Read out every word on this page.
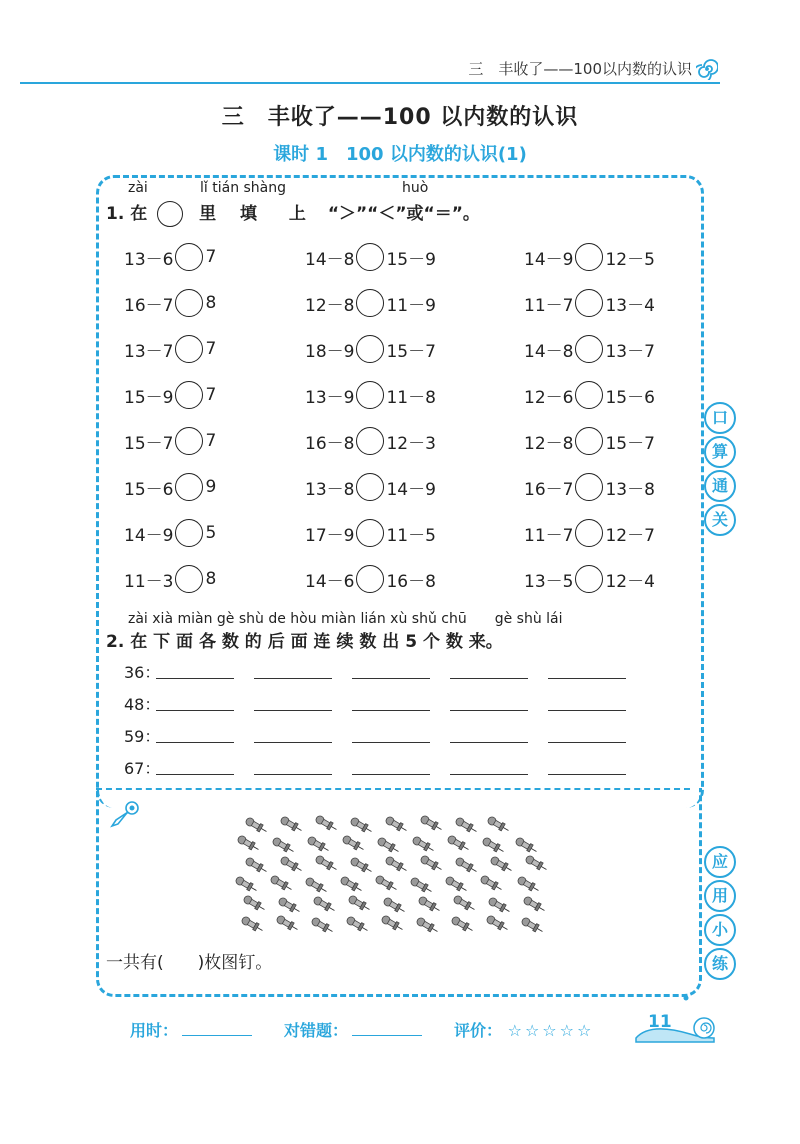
三　丰收了——100以内数的认识
三　丰收了——100 以内数的认识
课时 1　100 以内数的认识(1)
zài	lǐ tián shàng	huò
1. 在	里 填 上 “＞”“＜”或“＝”。
13－6 7	14－8 15－9	14－9 12－5
16－7 8	12－8 11－9	11－7 13－4
13－7 7	18－9 15－7	14－8 13－7
15－9 7	13－9 11－8	12－6 15－6
15－7 7	16－8 12－3	12－8 15－7
15－6 9	13－8 14－9	16－7 13－8
14－9 5	17－9 11－5	11－7 12－7
11－3 8	14－6 16－8	13－5 12－4
zài xià miàn gè shù de hòu miàn lián xù shǔ chū　　gè shù lái
2. 在 下 面 各 数 的 后 面 连 续 数 出 5 个 数 来。
36：
48：
59：
67：
口
算
通
关
应
用
小
练
一共有(　　)枚图钉。
用时：	对错题：	评价： ☆☆☆☆☆	11
